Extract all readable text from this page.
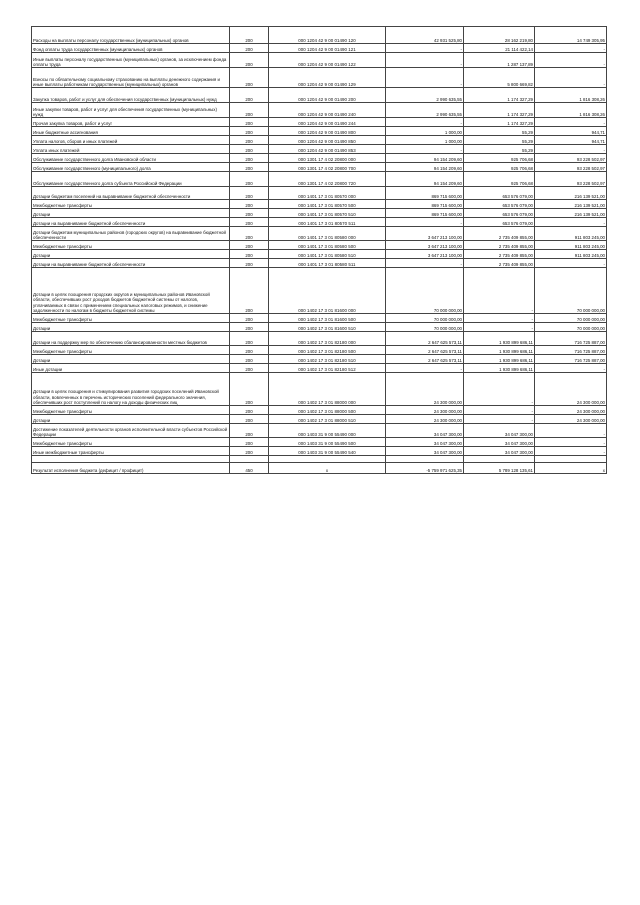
Расходы на выплаты персоналу государственных (муниципальных) органов	200	000 1204 42 9 00 01490 120	42 931 525,80	28 162 219,80	14 749 305,95
Фонд оплаты труда государственных (муниципальных) органов	200	000 1204 42 9 00 01490 121	-	21 114 422,14	-
Иные выплаты персоналу государственных (муниципальных) органов, за исключением фонда оплаты труда	200	000 1204 42 9 00 01490 122	-	1 287 137,89	-
Взносы по обязательному социальному страхованию на выплаты денежного содержания и иные выплаты работникам государственных (муниципальных) органов	200	000 1204 42 9 00 01490 129	-	5 800 669,82	-
Закупка товаров, работ и услуг для обеспечения государственных (муниципальных) нужд	200	000 1204 42 9 00 01490 200	2 990 635,55	1 174 327,29	1 816 308,26
Иные закупки товаров, работ и услуг для обеспечения государственных (муниципальных) нужд	200	000 1204 42 9 00 01490 240	2 990 635,55	1 174 327,29	1 816 308,26
Прочая закупка товаров, работ и услуг	200	000 1204 42 9 00 01490 244	-	1 174 327,29	-
Иные бюджетные ассигнования	200	000 1204 42 9 00 01490 800	1 000,00	55,29	944,71
Уплата налогов, сборов и иных платежей	200	000 1204 42 9 00 01490 850	1 000,00	55,29	944,71
Уплата иных платежей	200	000 1204 42 9 00 01490 853	-	55,29	-
Обслуживание государственного долга Ивановской области	200	000 1301 17 4 02 20800 000	94 154 209,60	925 706,68	93 228 502,97
Обслуживание государственного (муниципального) долга	200	000 1301 17 4 02 20800 700	94 154 209,60	925 706,68	93 228 502,97
Обслуживание государственного долга субъекта Российской Федерации	200	000 1301 17 4 02 20800 720	94 154 209,60	925 706,68	93 228 502,97
Дотации бюджетам поселений на выравнивание бюджетной обеспеченности	200	000 1401 17 3 01 80570 000	869 715 600,00	653 576 079,00	216 139 521,00
Межбюджетные трансферты	200	000 1401 17 3 01 80570 500	869 715 600,00	653 576 079,00	216 139 521,00
Дотации	200	000 1401 17 3 01 80570 510	869 715 600,00	653 576 079,00	216 139 521,00
Дотации на выравнивание бюджетной обеспеченности	200	000 1401 17 3 01 80570 511	-	653 576 079,00	-
Дотации бюджетам муниципальных районов (городских округов) на выравнивание бюджетной обеспеченности	200	000 1401 17 3 01 80580 000	3 647 213 100,00	2 735 409 855,00	911 803 245,00
Межбюджетные трансферты	200	000 1401 17 3 01 80580 500	3 647 213 100,00	2 735 409 855,00	911 803 245,00
Дотации	200	000 1401 17 3 01 80580 510	3 647 213 100,00	2 735 409 855,00	911 803 245,00
Дотации на выравнивание бюджетной обеспеченности	200	000 1401 17 3 01 80580 511	-	2 735 409 855,00	-
Дотации в целях поощрения городских округов и муниципальных районов Ивановской области, обеспечивших рост доходов бюджетов бюджетной системы от налогов, уплачиваемых в связи с применением специальных налоговых режимов, и снижение задолженности по налогам в бюджеты бюджетной системы	200	000 1402 17 3 01 81600 000	70 000 000,00	-	70 000 000,00
Межбюджетные трансферты	200	000 1402 17 3 01 81600 500	70 000 000,00	-	70 000 000,00
Дотации	200	000 1402 17 3 01 81600 510	70 000 000,00	-	70 000 000,00
Дотации на поддержку мер по обеспечению сбалансированности местных бюджетов	200	000 1402 17 3 01 82180 000	2 647 625 573,11	1 930 899 686,11	716 725 887,00
Межбюджетные трансферты	200	000 1402 17 3 01 82180 500	2 647 625 573,11	1 930 899 686,11	716 725 887,00
Дотации	200	000 1402 17 3 01 82180 510	2 647 625 573,11	1 930 899 686,11	716 725 887,00
Иные дотации	200	000 1402 17 3 01 82180 512	-	1 930 899 686,11	-
Дотации в целях поощрения и стимулирования развития городских поселений Ивановской области, вовлеченных в перечень исторических поселений федерального значения, обеспечивших рост поступлений по налогу на доходы физических лиц	200	000 1402 17 3 01 88000 000	24 300 000,00	-	24 300 000,00
Межбюджетные трансферты	200	000 1402 17 3 01 88000 500	24 300 000,00	-	24 300 000,00
Дотации	200	000 1402 17 3 01 88000 510	24 300 000,00	-	24 300 000,00
Достижение показателей деятельности органов исполнительной власти субъектов Российской Федерации	200	000 1403 31 9 00 55490 000	34 047 300,00	34 047 300,00	-
Межбюджетные трансферты	200	000 1403 31 9 00 55490 500	34 047 300,00	34 047 300,00	-
Иные межбюджетные трансферты	200	000 1403 31 9 00 55490 540	34 047 300,00	34 047 300,00	-

Результат исполнения бюджета (дефицит / профицит)	450	x	-5 759 971 625,35	5 789 128 135,61	x
